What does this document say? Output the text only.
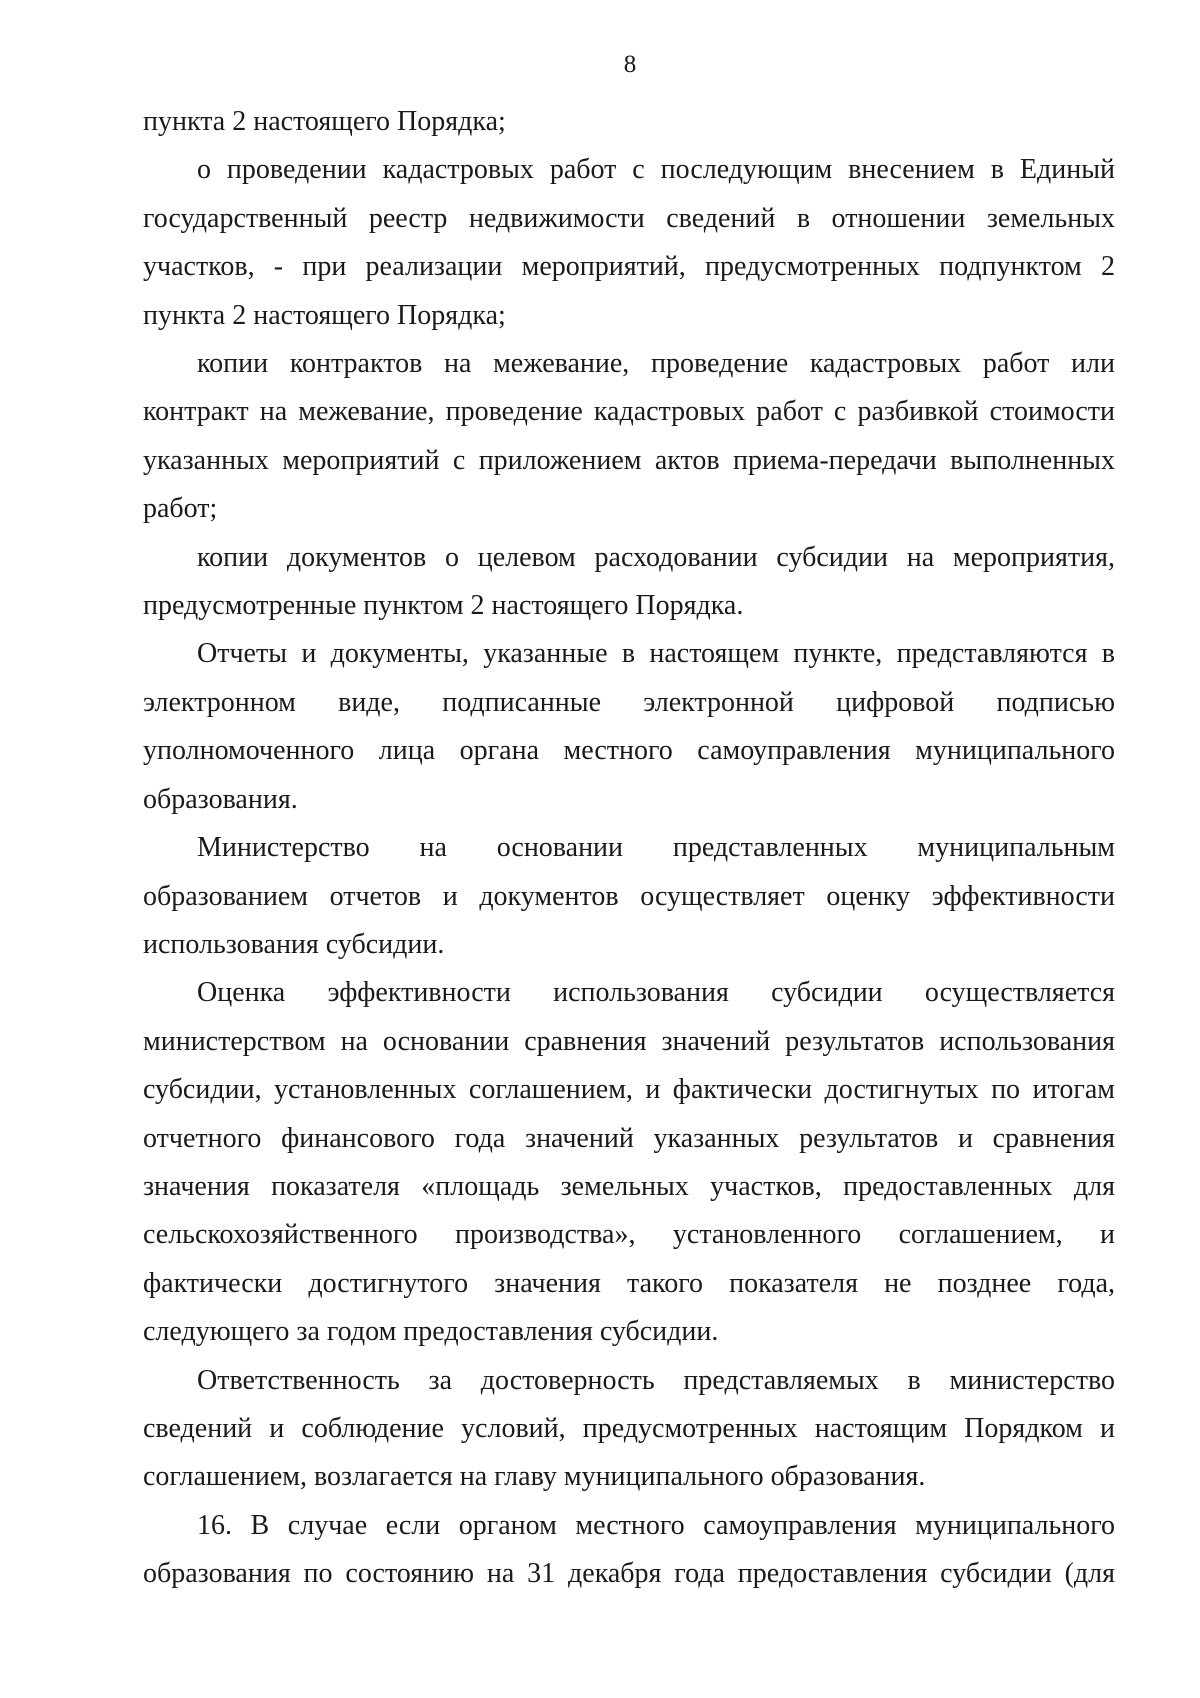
8

пункта 2 настоящего Порядка;

о проведении кадастровых работ с последующим внесением в Единый государственный реестр недвижимости сведений в отношении земельных участков, - при реализации мероприятий, предусмотренных подпунктом 2 пункта 2 настоящего Порядка;

копии контрактов на межевание, проведение кадастровых работ или контракт на межевание, проведение кадастровых работ с разбивкой стоимости указанных мероприятий с приложением актов приема-передачи выполненных работ;

копии документов о целевом расходовании субсидии на мероприятия, предусмотренные пунктом 2 настоящего Порядка.

Отчеты и документы, указанные в настоящем пункте, представляются в электронном виде, подписанные электронной цифровой подписью уполномоченного лица органа местного самоуправления муниципального образования.

Министерство на основании представленных муниципальным образованием отчетов и документов осуществляет оценку эффективности использования субсидии.

Оценка эффективности использования субсидии осуществляется министерством на основании сравнения значений результатов использования субсидии, установленных соглашением, и фактически достигнутых по итогам отчетного финансового года значений указанных результатов и сравнения значения показателя «площадь земельных участков, предоставленных для сельскохозяйственного производства», установленного соглашением, и фактически достигнутого значения такого показателя не позднее года, следующего за годом предоставления субсидии.

Ответственность за достоверность представляемых в министерство сведений и соблюдение условий, предусмотренных настоящим Порядком и соглашением, возлагается на главу муниципального образования.

16. В случае если органом местного самоуправления муниципального образования по состоянию на 31 декабря года предоставления субсидии (для
